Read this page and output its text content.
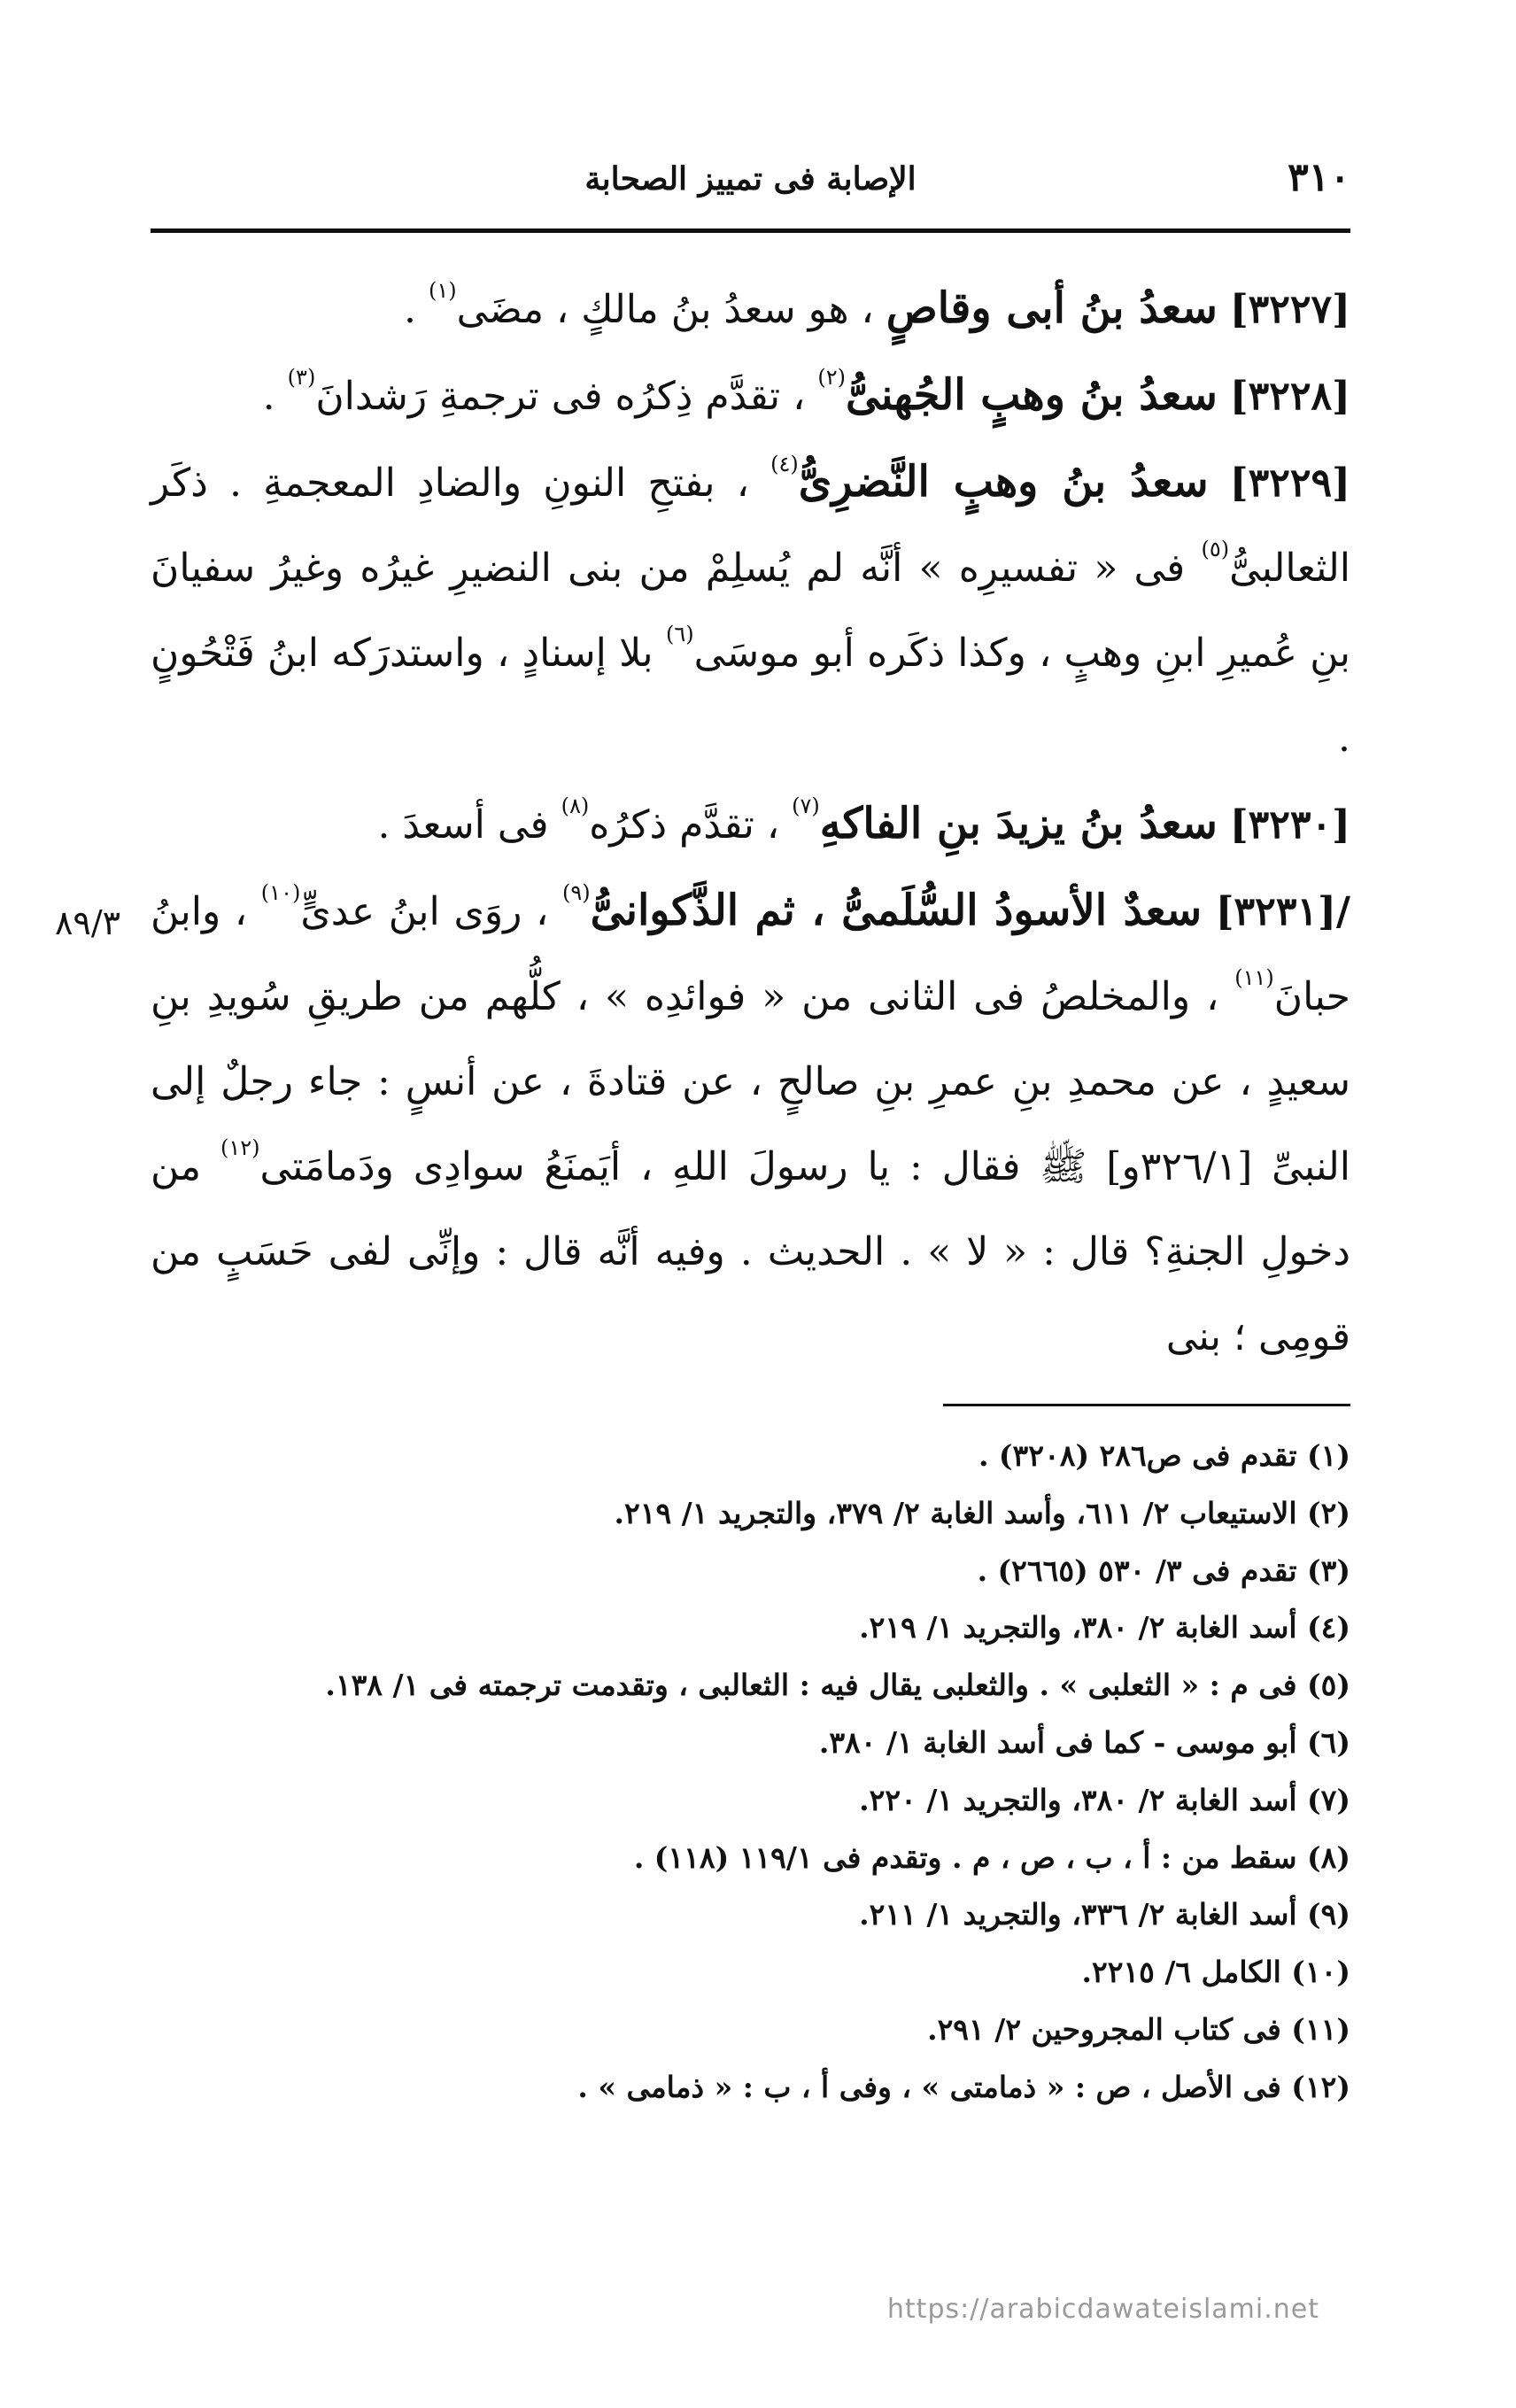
٣١٠
الإصابة فى تمييز الصحابة
٨٩/٣

[٣٢٢٧] سعدُ بنُ أبى وقاصٍ ، هو سعدُ بنُ مالكٍ ، مضَى$^{(١)}$ .

[٣٢٢٨] سعدُ بنُ وهبٍ الجُهنىُّ$^{(٢)}$ ، تقدَّم ذِكرُه فى ترجمةِ رَشدانَ$^{(٣)}$ .

[٣٢٢٩] سعدُ بنُ وهبٍ النَّضرِىُّ$^{(٤)}$ ، بفتحِ النونِ والضادِ المعجمةِ . ذكَر الثعالبىُّ$^{(٥)}$ فى « تفسيرِه » أنَّه لم يُسلِمْ من بنى النضيرِ غيرُه وغيرُ سفيانَ بنِ عُميرِ ابنِ وهبٍ ، وكذا ذكَره أبو موسَى$^{(٦)}$ بلا إسنادٍ ، واستدرَكه ابنُ فَتْحُونٍ .

[٣٢٣٠] سعدُ بنُ يزيدَ بنِ الفاكهِ$^{(٧)}$ ، تقدَّم ذكرُه$^{(٨)}$ فى أسعدَ .

/[٣٢٣١] سعدٌ الأسودُ السُّلَمىُّ ، ثم الذَّكوانىُّ$^{(٩)}$ ، روَى ابنُ عدىٍّ$^{(١٠)}$ ، وابنُ حبانَ$^{(١١)}$ ، والمخلصُ فى الثانى من « فوائدِه » ، كلُّهم من طريقِ سُويدِ بنِ سعيدٍ ، عن محمدِ بنِ عمرِ بنِ صالحٍ ، عن قتادةَ ، عن أنسٍ : جاء رجلٌ إلى النبىِّ [٣٢٦/١و] ﷺ فقال : يا رسولَ اللهِ ، أيَمنَعُ سوادِى ودَمامَتى$^{(١٢)}$ من دخولِ الجنةِ؟ قال : « لا » . الحديث . وفيه أنَّه قال : وإنِّى لفى حَسَبٍ من قومِى ؛ بنى

(١) تقدم فى ص٢٨٦ (٣٢٠٨) .

(٢) الاستيعاب ٢/ ٦١١، وأسد الغابة ٢/ ٣٧٩، والتجريد ١/ ٢١٩.

(٣) تقدم فى ٣/ ٥٣٠ (٢٦٦٥) .

(٤) أسد الغابة ٢/ ٣٨٠، والتجريد ١/ ٢١٩.

(٥) فى م : « الثعلبى » . والثعلبى يقال فيه : الثعالبى ، وتقدمت ترجمته فى ١/ ١٣٨.

(٦) أبو موسى - كما فى أسد الغابة ١/ ٣٨٠.

(٧) أسد الغابة ٢/ ٣٨٠، والتجريد ١/ ٢٢٠.

(٨) سقط من : أ ، ب ، ص ، م . وتقدم فى ١١٩/١ (١١٨) .

(٩) أسد الغابة ٢/ ٣٣٦، والتجريد ١/ ٢١١.

(١٠) الكامل ٦/ ٢٢١٥.

(١١) فى كتاب المجروحين ٢/ ٢٩١.

(١٢) فى الأصل ، ص : « ذمامتى » ، وفى أ ، ب : « ذمامى » .

https://arabicdawateislami.net
